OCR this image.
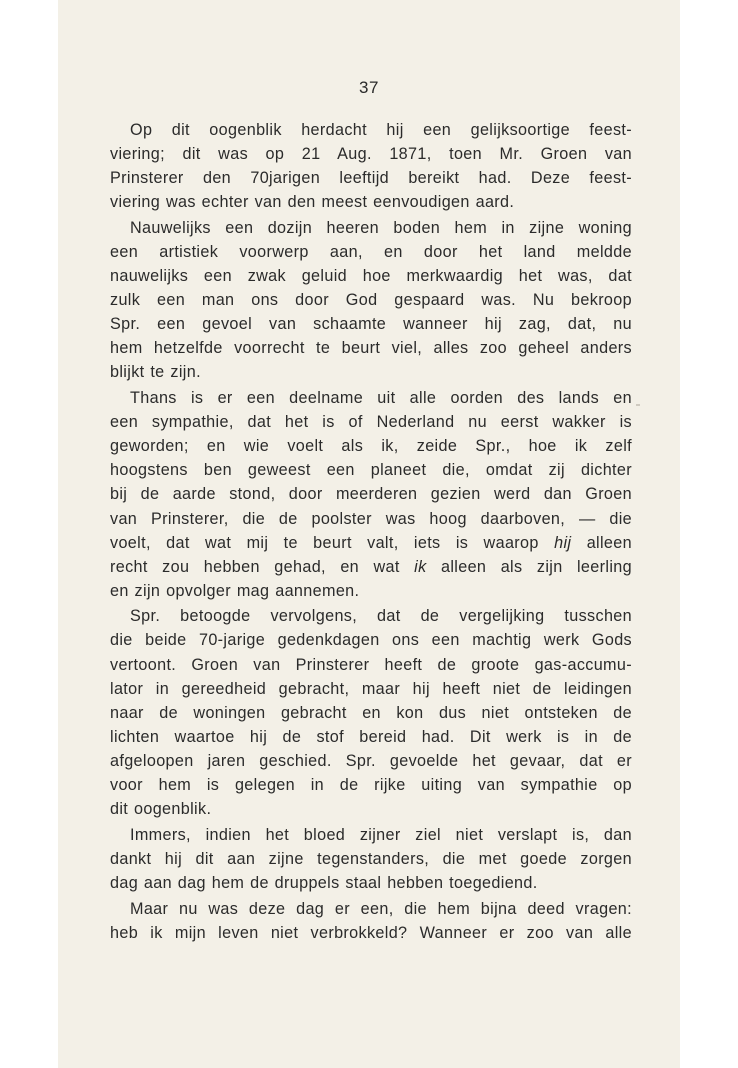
37
Op dit oogenblik herdacht hij een gelijksoortige feest-
viering; dit was op 21 Aug. 1871, toen Mr. Groen van
Prinsterer den 70jarigen leeftijd bereikt had. Deze feest-
viering was echter van den meest eenvoudigen aard.
Nauwelijks een dozijn heeren boden hem in zijne woning
een artistiek voorwerp aan, en door het land meldde
nauwelijks een zwak geluid hoe merkwaardig het was, dat
zulk een man ons door God gespaard was. Nu bekroop
Spr. een gevoel van schaamte wanneer hij zag, dat, nu
hem hetzelfde voorrecht te beurt viel, alles zoo geheel anders
blijkt te zijn.
Thans is er een deelname uit alle oorden des lands en
een sympathie, dat het is of Nederland nu eerst wakker is
geworden; en wie voelt als ik, zeide Spr., hoe ik zelf
hoogstens ben geweest een planeet die, omdat zij dichter
bij de aarde stond, door meerderen gezien werd dan Groen
van Prinsterer, die de poolster was hoog daarboven, — die
voelt, dat wat mij te beurt valt, iets is waarop hij alleen
recht zou hebben gehad, en wat ik alleen als zijn leerling
en zijn opvolger mag aannemen.
Spr. betoogde vervolgens, dat de vergelijking tusschen
die beide 70-jarige gedenkdagen ons een machtig werk Gods
vertoont. Groen van Prinsterer heeft de groote gas-accumu-
lator in gereedheid gebracht, maar hij heeft niet de leidingen
naar de woningen gebracht en kon dus niet ontsteken de
lichten waartoe hij de stof bereid had. Dit werk is in de
afgeloopen jaren geschied. Spr. gevoelde het gevaar, dat er
voor hem is gelegen in de rijke uiting van sympathie op
dit oogenblik.
Immers, indien het bloed zijner ziel niet verslapt is, dan
dankt hij dit aan zijne tegenstanders, die met goede zorgen
dag aan dag hem de druppels staal hebben toegediend.
Maar nu was deze dag er een, die hem bijna deed vragen:
heb ik mijn leven niet verbrokkeld? Wanneer er zoo van alle
